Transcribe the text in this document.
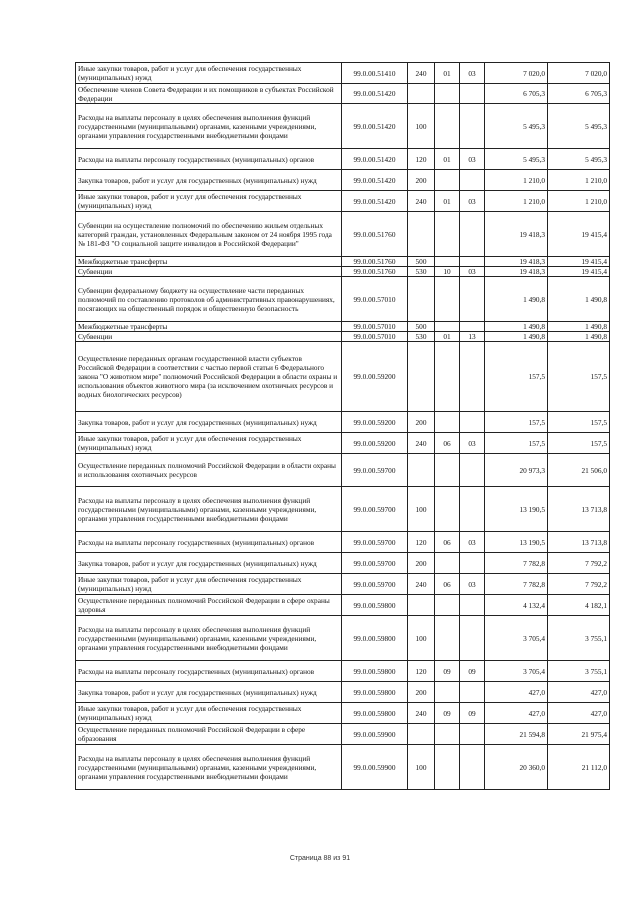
Иные закупки товаров, работ и услуг для обеспечения государственных (муниципальных) нужд	99.0.00.51410	240	01	03	7 020,0	7 020,0
Обеспечение членов Совета Федерации и их помощников в субъектах Российской Федерации	99.0.00.51420				6 705,3	6 705,3
Расходы на выплаты персоналу в целях обеспечения выполнения функций государственными (муниципальными) органами, казенными учреждениями, органами управления государственными внебюджетными фондами	99.0.00.51420	100			5 495,3	5 495,3
Расходы на выплаты персоналу государственных (муниципальных) органов	99.0.00.51420	120	01	03	5 495,3	5 495,3
Закупка товаров, работ и услуг для государственных (муниципальных) нужд	99.0.00.51420	200			1 210,0	1 210,0
Иные закупки товаров, работ и услуг для обеспечения государственных (муниципальных) нужд	99.0.00.51420	240	01	03	1 210,0	1 210,0
Субвенции на осуществление полномочий по обеспечению жильем отдельных категорий граждан, установленных Федеральным законом от 24 ноября 1995 года № 181-ФЗ "О социальной защите инвалидов в Российской Федерации"	99.0.00.51760				19 418,3	19 415,4
Межбюджетные трансферты	99.0.00.51760	500			19 418,3	19 415,4
Субвенции	99.0.00.51760	530	10	03	19 418,3	19 415,4
Субвенции федеральному бюджету на осуществление части переданных полномочий по составлению протоколов об административных правонарушениях, посягающих на общественный порядок и общественную безопасность	99.0.00.57010				1 490,8	1 490,8
Межбюджетные трансферты	99.0.00.57010	500			1 490,8	1 490,8
Субвенции	99.0.00.57010	530	01	13	1 490,8	1 490,8
Осуществление переданных органам государственной власти субъектов Российской Федерации в соответствии с частью первой статьи 6 Федерального закона "О животном мире" полномочий Российской Федерации в области охраны и использования объектов животного мира (за исключением охотничьих ресурсов и водных биологических ресурсов)	99.0.00.59200				157,5	157,5
Закупка товаров, работ и услуг для государственных (муниципальных) нужд	99.0.00.59200	200			157,5	157,5
Иные закупки товаров, работ и услуг для обеспечения государственных (муниципальных) нужд	99.0.00.59200	240	06	03	157,5	157,5
Осуществление переданных полномочий Российской Федерации в области охраны и использования охотничьих ресурсов	99.0.00.59700				20 973,3	21 506,0
Расходы на выплаты персоналу в целях обеспечения выполнения функций государственными (муниципальными) органами, казенными учреждениями, органами управления государственными внебюджетными фондами	99.0.00.59700	100			13 190,5	13 713,8
Расходы на выплаты персоналу государственных (муниципальных) органов	99.0.00.59700	120	06	03	13 190,5	13 713,8
Закупка товаров, работ и услуг для государственных (муниципальных) нужд	99.0.00.59700	200			7 782,8	7 792,2
Иные закупки товаров, работ и услуг для обеспечения государственных (муниципальных) нужд	99.0.00.59700	240	06	03	7 782,8	7 792,2
Осуществление переданных полномочий Российской Федерации в сфере охраны здоровья	99.0.00.59800				4 132,4	4 182,1
Расходы на выплаты персоналу в целях обеспечения выполнения функций государственными (муниципальными) органами, казенными учреждениями, органами управления государственными внебюджетными фондами	99.0.00.59800	100			3 705,4	3 755,1
Расходы на выплаты персоналу государственных (муниципальных) органов	99.0.00.59800	120	09	09	3 705,4	3 755,1
Закупка товаров, работ и услуг для государственных (муниципальных) нужд	99.0.00.59800	200			427,0	427,0
Иные закупки товаров, работ и услуг для обеспечения государственных (муниципальных) нужд	99.0.00.59800	240	09	09	427,0	427,0
Осуществление переданных полномочий Российской Федерации в сфере образования	99.0.00.59900				21 594,8	21 975,4
Расходы на выплаты персоналу в целях обеспечения выполнения функций государственными (муниципальными) органами, казенными учреждениями, органами управления государственными внебюджетными фондами	99.0.00.59900	100			20 360,0	21 112,0
Страница 88 из 91
